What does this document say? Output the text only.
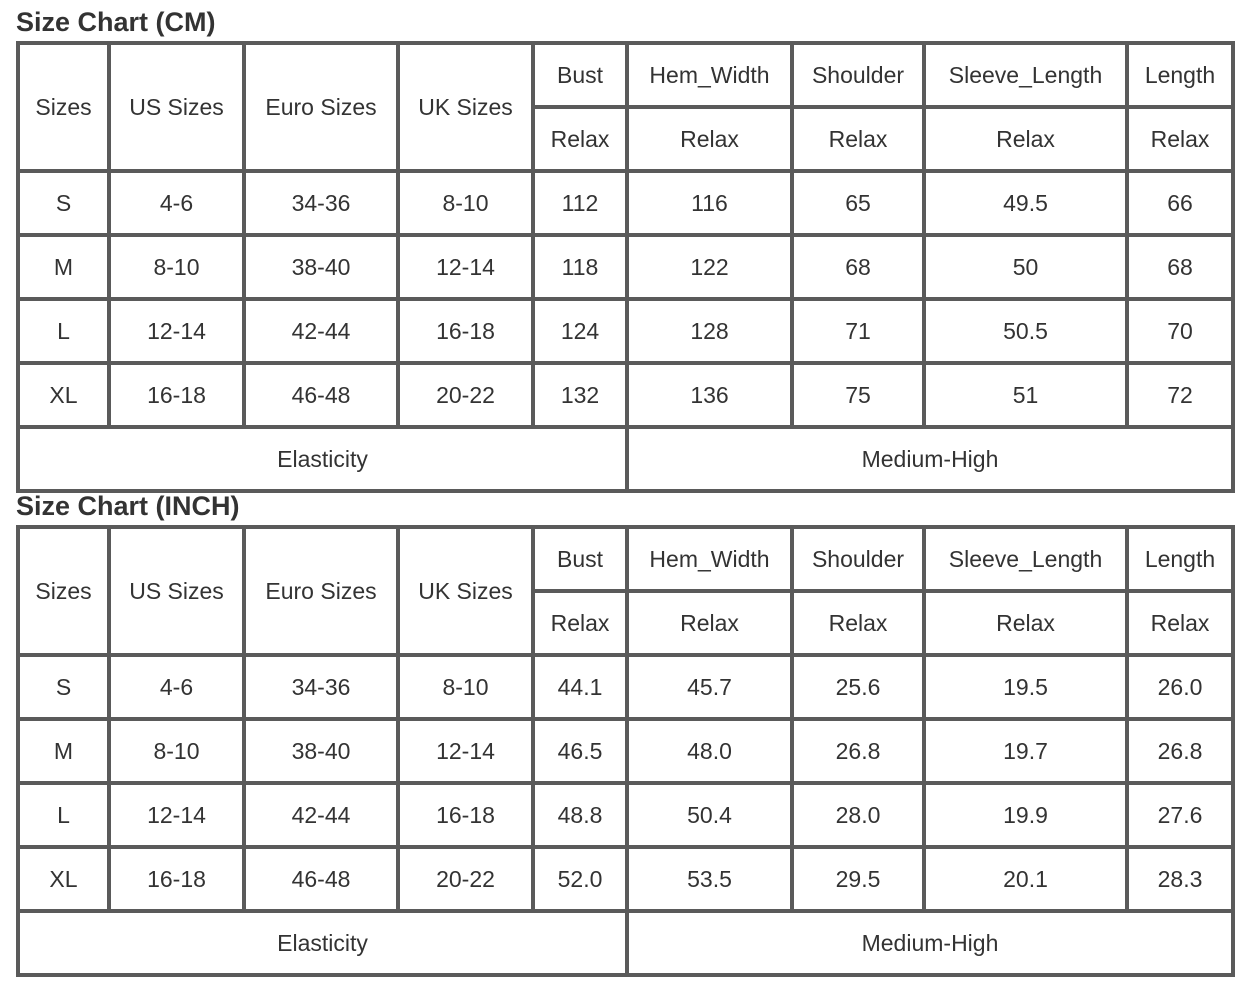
Size Chart (CM)
Sizes	US Sizes	Euro Sizes	UK Sizes	Bust	Hem_Width	Shoulder	Sleeve_Length	Length
				Relax	Relax	Relax	Relax	Relax
S	4-6	34-36	8-10	112	116	65	49.5	66
M	8-10	38-40	12-14	118	122	68	50	68
L	12-14	42-44	16-18	124	128	71	50.5	70
XL	16-18	46-48	20-22	132	136	75	51	72
Elasticity					Medium-High			
Size Chart (INCH)
Sizes	US Sizes	Euro Sizes	UK Sizes	Bust	Hem_Width	Shoulder	Sleeve_Length	Length
				Relax	Relax	Relax	Relax	Relax
S	4-6	34-36	8-10	44.1	45.7	25.6	19.5	26.0
M	8-10	38-40	12-14	46.5	48.0	26.8	19.7	26.8
L	12-14	42-44	16-18	48.8	50.4	28.0	19.9	27.6
XL	16-18	46-48	20-22	52.0	53.5	29.5	20.1	28.3
Elasticity					Medium-High			
